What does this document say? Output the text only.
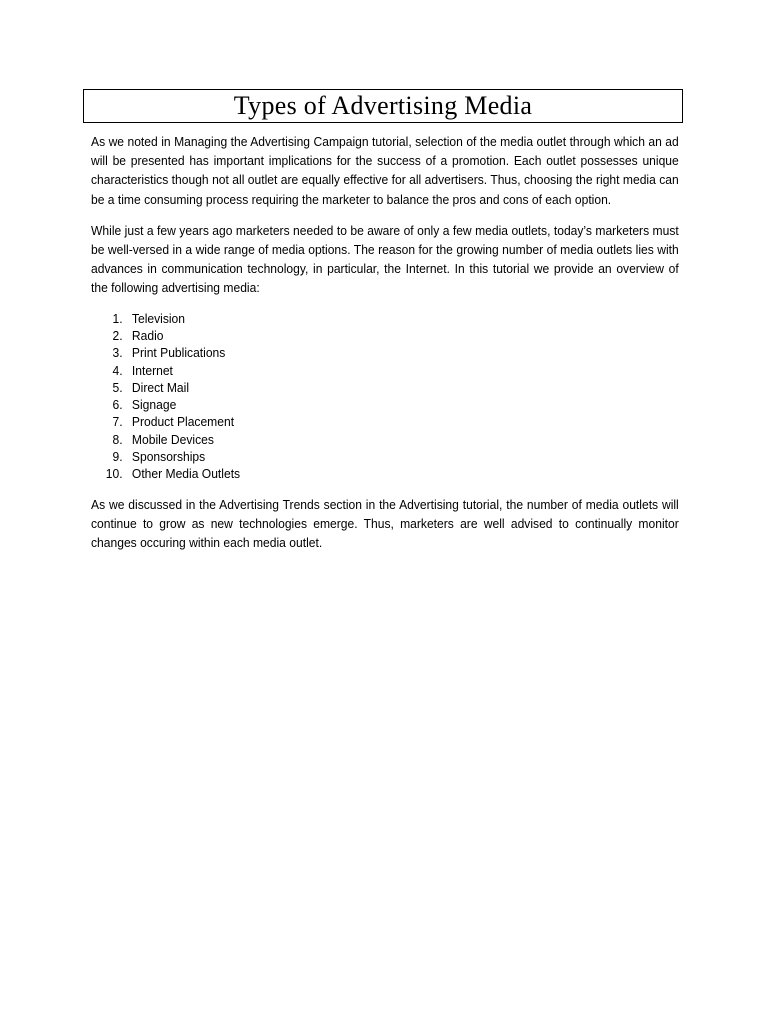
Types of Advertising Media

As we noted in Managing the Advertising Campaign tutorial, selection of the media outlet through which an ad will be presented has important implications for the success of a promotion. Each outlet possesses unique characteristics though not all outlet are equally effective for all advertisers. Thus, choosing the right media can be a time consuming process requiring the marketer to balance the pros and cons of each option.

While just a few years ago marketers needed to be aware of only a few media outlets, today’s marketers must be well-versed in a wide range of media options. The reason for the growing number of media outlets lies with advances in communication technology, in particular, the Internet. In this tutorial we provide an overview of the following advertising media:

1. Television
2. Radio
3. Print Publications
4. Internet
5. Direct Mail
6. Signage
7. Product Placement
8. Mobile Devices
9. Sponsorships
10. Other Media Outlets

As we discussed in the Advertising Trends section in the Advertising tutorial, the number of media outlets will continue to grow as new technologies emerge. Thus, marketers are well advised to continually monitor changes occuring within each media outlet.
